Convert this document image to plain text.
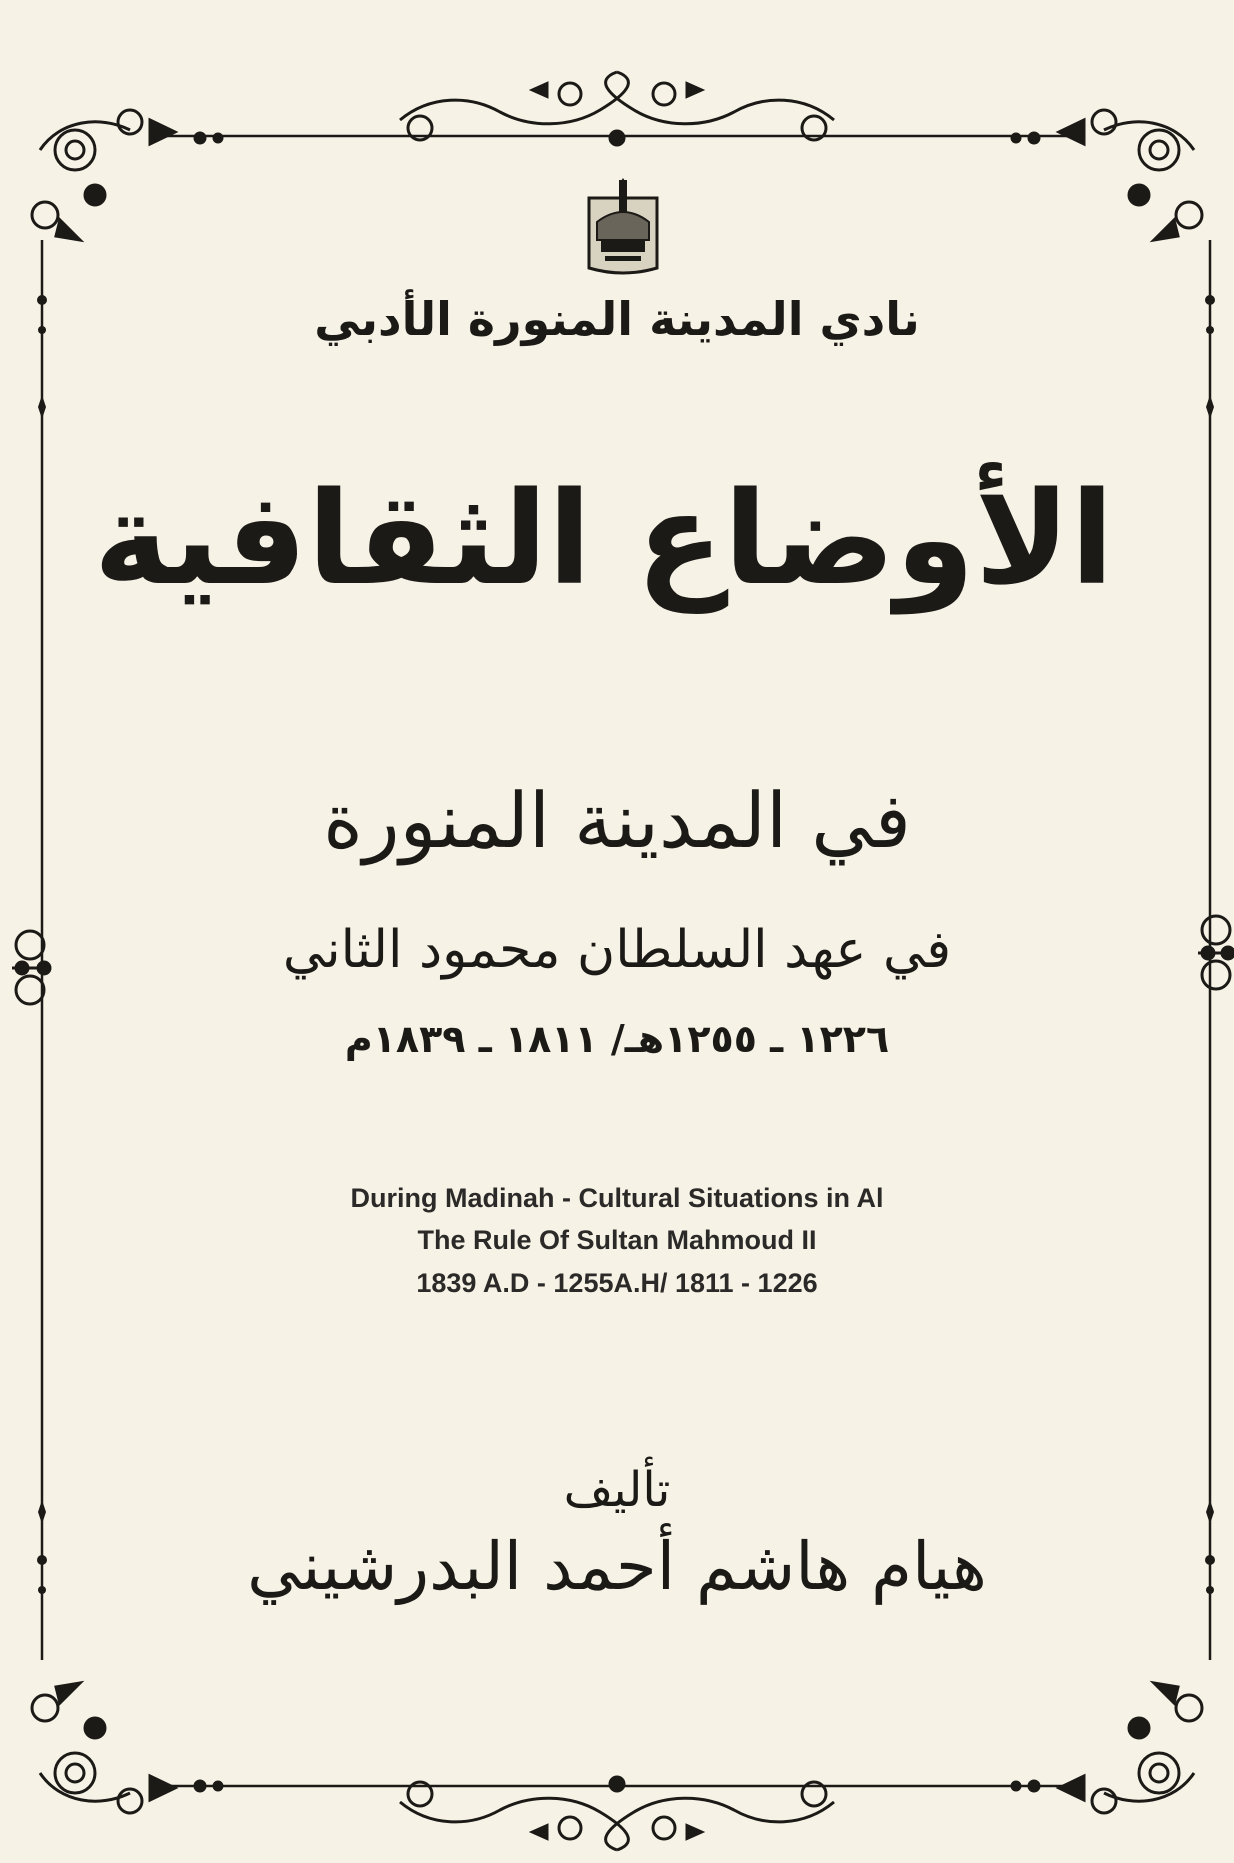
نادي المدينة المنورة الأدبي
الأوضاع الثقافية
في المدينة المنورة
في عهد السلطان محمود الثاني
١٢٢٦ ـ ١٢٥٥هـ/ ١٨١١ ـ ١٨٣٩م
During Madinah - Cultural Situations in Al
The Rule Of Sultan Mahmoud II
1839 A.D - 1255A.H/ 1811 - 1226
تأليف
هيام هاشم أحمد البدرشيني
